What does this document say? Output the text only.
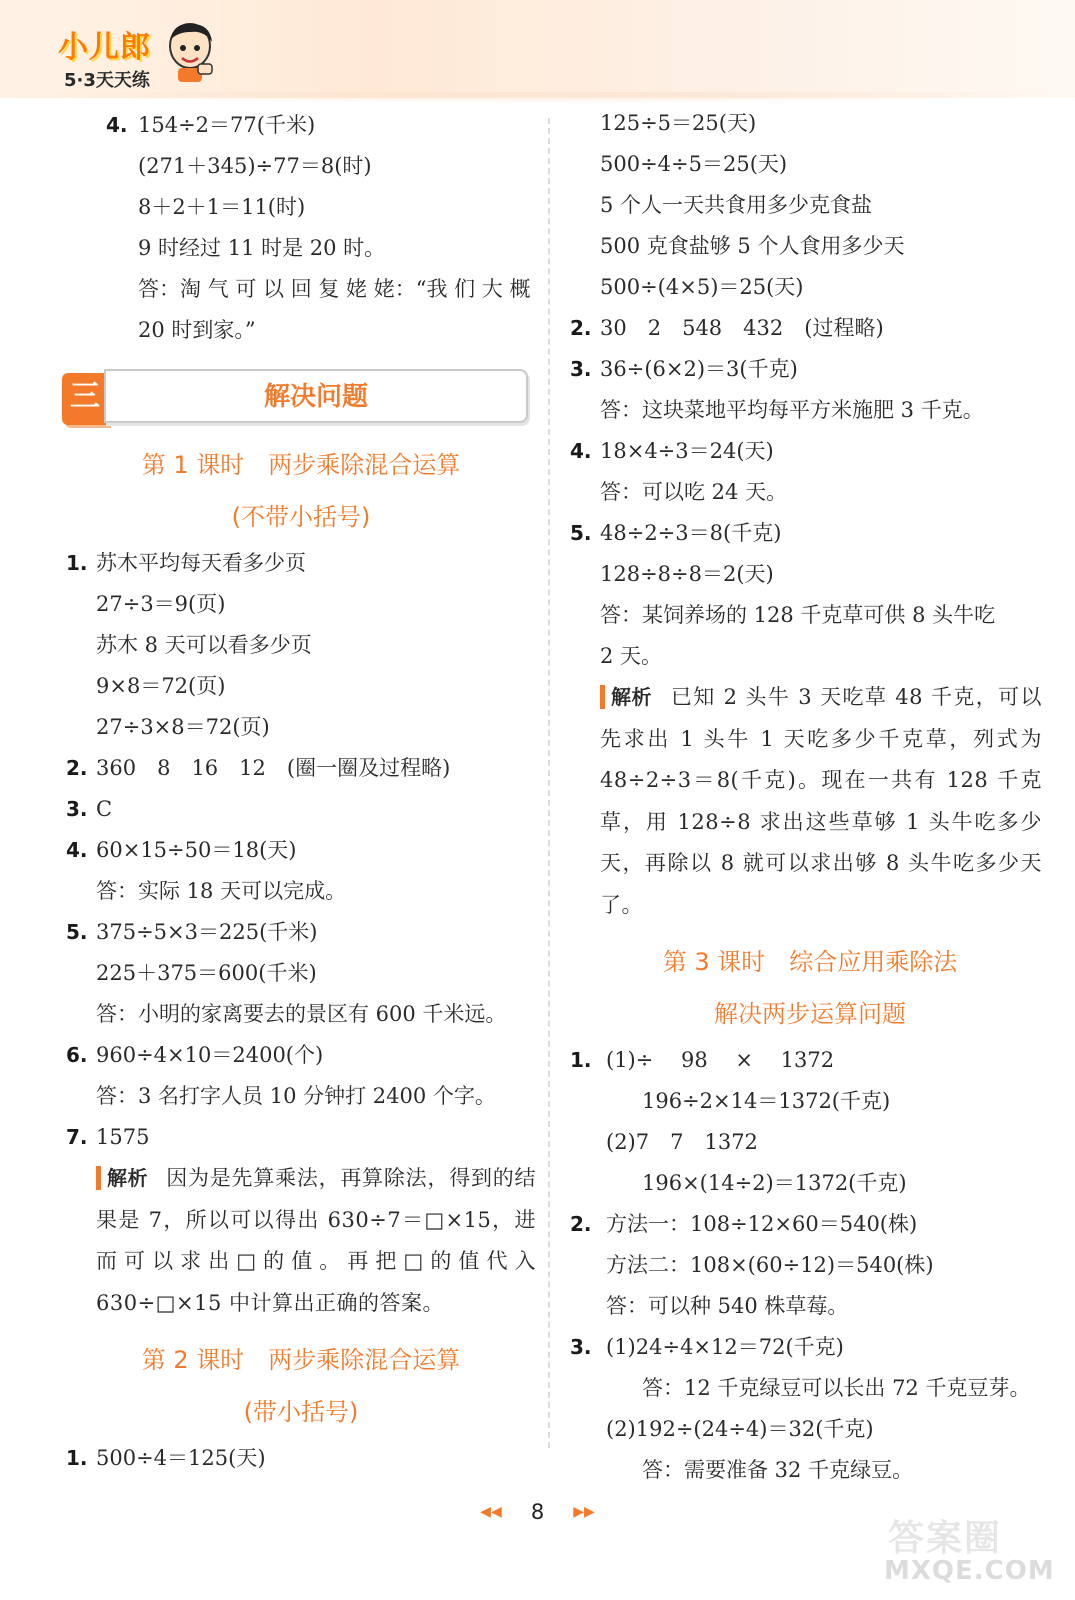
小儿郎
5·3天天练
4. 154÷2＝77(千米)
(271＋345)÷77＝8(时)
8＋2＋1＝11(时)
9 时经过 11 时是 20 时。
答：淘 气 可 以 回 复 姥 姥：“我 们 大 概
20 时到家。”
三	解决问题
第 1 课时　两步乘除混合运算
(不带小括号)
1. 苏木平均每天看多少页
27÷3＝9(页)
苏木 8 天可以看多少页
9×8＝72(页)
27÷3×8＝72(页)
2. 360　8　16　12　(圈一圈及过程略)
3. C
4. 60×15÷50＝18(天)
答：实际 18 天可以完成。
5. 375÷5×3＝225(千米)
225＋375＝600(千米)
答：小明的家离要去的景区有 600 千米远。
6. 960÷4×10＝2400(个)
答：3 名打字人员 10 分钟打 2400 个字。
7. 1575
解析 因为是先算乘法，再算除法，得到的结果是 7，所以可以得出 630÷7＝□×15，进而可以求出□的值。再把□的值代入 630÷□×15 中计算出正确的答案。
第 2 课时　两步乘除混合运算
(带小括号)
1. 500÷4＝125(天)
125÷5＝25(天)
500÷4÷5＝25(天)
5 个人一天共食用多少克食盐
500 克食盐够 5 个人食用多少天
500÷(4×5)＝25(天)
2. 30　2　548　432　(过程略)
3. 36÷(6×2)＝3(千克)
答：这块菜地平均每平方米施肥 3 千克。
4. 18×4÷3＝24(天)
答：可以吃 24 天。
5. 48÷2÷3＝8(千克)
128÷8÷8＝2(天)
答：某饲养场的 128 千克草可供 8 头牛吃
2 天。
解析 已知 2 头牛 3 天吃草 48 千克，可以先求出 1 头牛 1 天吃多少千克草，列式为 48÷2÷3＝8(千克)。现在一共有 128 千克草，用 128÷8 求出这些草够 1 头牛吃多少天，再除以 8 就可以求出够 8 头牛吃多少天了。
第 3 课时　综合应用乘除法
解决两步运算问题
1. (1)÷　 98　 ×　 1372
196÷2×14＝1372(千克)
(2)7　7　1372
196×(14÷2)＝1372(千克)
2. 方法一：108÷12×60＝540(株)
方法二：108×(60÷12)＝540(株)
答：可以种 540 株草莓。
3. (1)24÷4×12＝72(千克)
答：12 千克绿豆可以长出 72 千克豆芽。
(2)192÷(24÷4)＝32(千克)
答：需要准备 32 千克绿豆。
◀◀ 8 ▶▶
答案圈
MXQE.COM
